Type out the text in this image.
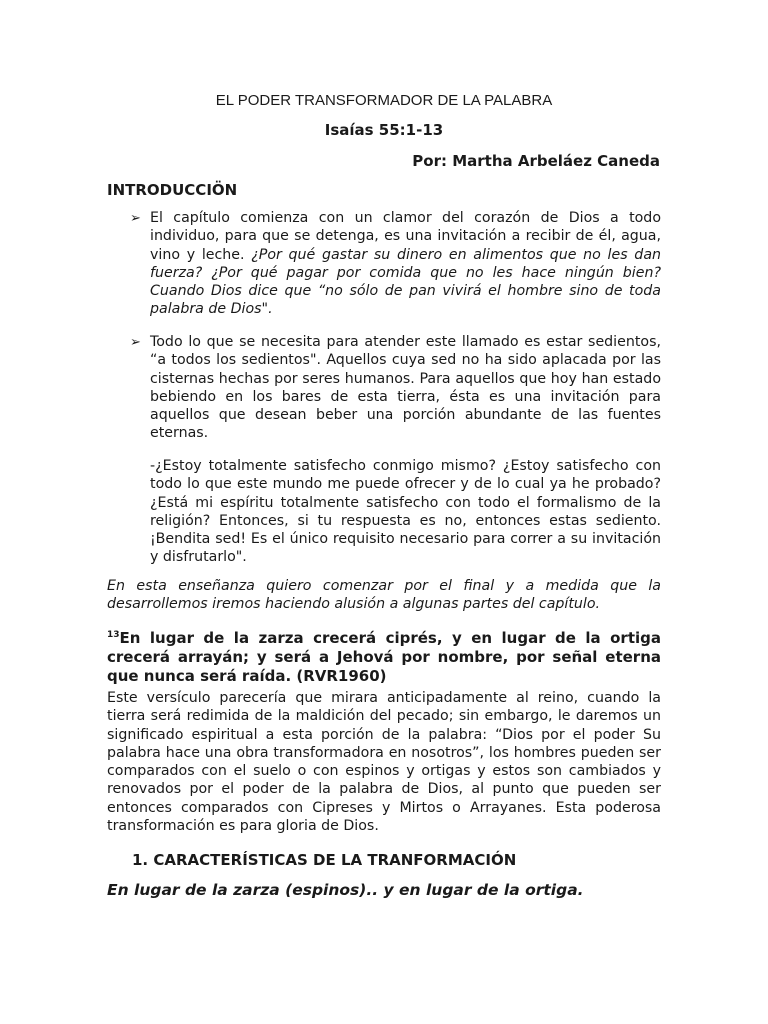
EL PODER TRANSFORMADOR DE LA PALABRA

Isaías 55:1-13

Por: Martha Arbeláez Caneda

INTRODUCCIÖN

➢ El capítulo comienza con un clamor del corazón de Dios a todo individuo, para que se detenga, es una invitación a recibir de él, agua, vino y leche. ¿Por qué gastar su dinero en alimentos que no les dan fuerza? ¿Por qué pagar por comida que no les hace ningún bien? Cuando Dios dice que “no sólo de pan vivirá el hombre sino de toda palabra de Dios".

➢ Todo lo que se necesita para atender este llamado es estar sedientos, “a todos los sedientos". Aquellos cuya sed no ha sido aplacada por las cisternas hechas por seres humanos. Para aquellos que hoy han estado bebiendo en los bares de esta tierra, ésta es una invitación para aquellos que desean beber una porción abundante de las fuentes eternas.

-¿Estoy totalmente satisfecho conmigo mismo? ¿Estoy satisfecho con todo lo que este mundo me puede ofrecer y de lo cual ya he probado? ¿Está mi espíritu totalmente satisfecho con todo el formalismo de la religión? Entonces, si tu respuesta es no, entonces estas sediento. ¡Bendita sed! Es el único requisito necesario para correr a su invitación y disfrutarlo".

En esta enseñanza quiero comenzar por el final y a medida que la desarrollemos iremos haciendo alusión a algunas partes del capítulo.

$^{13}$En lugar de la zarza crecerá ciprés, y en lugar de la ortiga crecerá arrayán; y será a Jehová por nombre, por señal eterna que nunca será raída. (RVR1960)

Este versículo parecería que mirara anticipadamente al reino, cuando la tierra será redimida de la maldición del pecado; sin embargo, le daremos un significado espiritual a esta porción de la palabra: “Dios por el poder Su palabra hace una obra transformadora en nosotros”, los hombres pueden ser comparados con el suelo o con espinos y ortigas y estos son cambiados y renovados por el poder de la palabra de Dios, al punto que pueden ser entonces comparados con Cipreses y Mirtos o Arrayanes. Esta poderosa transformación es para gloria de Dios.

1. CARACTERÍSTICAS DE LA TRANFORMACIÓN

En lugar de la zarza (espinos).. y en lugar de la ortiga.
